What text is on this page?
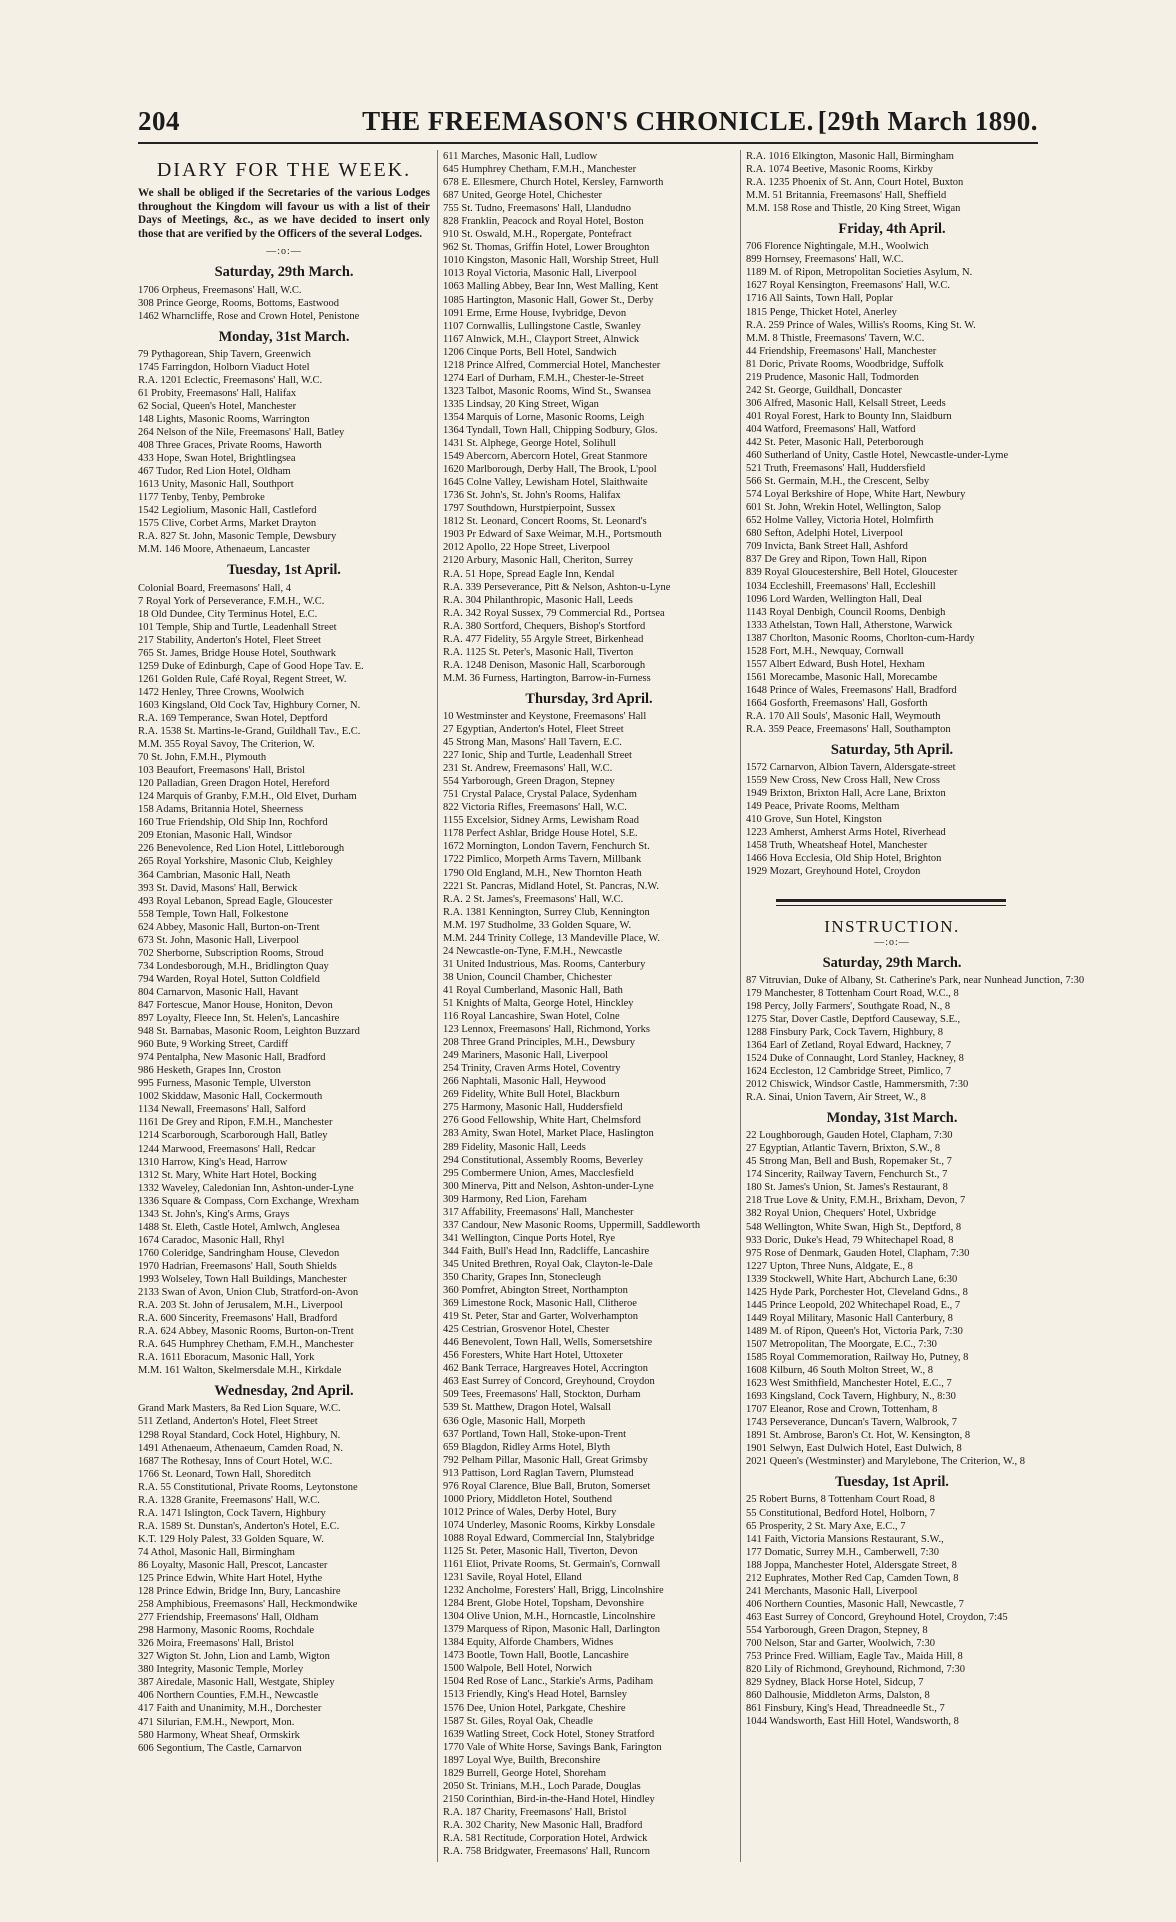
204	THE FREEMASON'S CHRONICLE. [29th March 1890.
DIARY FOR THE WEEK.
We shall be obliged if the Secretaries of the various Lodges throughout the Kingdom will favour us with a list of their Days of Meetings, &c., as we have decided to insert only those that are verified by the Officers of the several Lodges.
—:o:—
Saturday, 29th March.
1706 Orpheus, Freemasons' Hall, W.C.
308 Prince George, Rooms, Bottoms, Eastwood
1462 Wharncliffe, Rose and Crown Hotel, Penistone
Monday, 31st March.
79 Pythagorean, Ship Tavern, Greenwich
1745 Farringdon, Holborn Viaduct Hotel
R.A. 1201 Eclectic, Freemasons' Hall, W.C.
61 Probity, Freemasons' Hall, Halifax
62 Social, Queen's Hotel, Manchester
148 Lights, Masonic Rooms, Warrington
264 Nelson of the Nile, Freemasons' Hall, Batley
408 Three Graces, Private Rooms, Haworth
433 Hope, Swan Hotel, Brightlingsea
467 Tudor, Red Lion Hotel, Oldham
1613 Unity, Masonic Hall, Southport
1177 Tenby, Tenby, Pembroke
1542 Legiolium, Masonic Hall, Castleford
1575 Clive, Corbet Arms, Market Drayton
R.A. 827 St. John, Masonic Temple, Dewsbury
M.M. 146 Moore, Athenaeum, Lancaster
Tuesday, 1st April.
Colonial Board, Freemasons' Hall, 4
7 Royal York of Perseverance, F.M.H., W.C.
18 Old Dundee, City Terminus Hotel, E.C.
101 Temple, Ship and Turtle, Leadenhall Street
217 Stability, Anderton's Hotel, Fleet Street
765 St. James, Bridge House Hotel, Southwark
1259 Duke of Edinburgh, Cape of Good Hope Tav. E.
1261 Golden Rule, Café Royal, Regent Street, W.
1472 Henley, Three Crowns, Woolwich
1603 Kingsland, Old Cock Tav, Highbury Corner, N.
R.A. 169 Temperance, Swan Hotel, Deptford
R.A. 1538 St. Martins-le-Grand, Guildhall Tav., E.C.
M.M. 355 Royal Savoy, The Criterion, W.
70 St. John, F.M.H., Plymouth
103 Beaufort, Freemasons' Hall, Bristol
120 Palladian, Green Dragon Hotel, Hereford
124 Marquis of Granby, F.M.H., Old Elvet, Durham
158 Adams, Britannia Hotel, Sheerness
160 True Friendship, Old Ship Inn, Rochford
209 Etonian, Masonic Hall, Windsor
226 Benevolence, Red Lion Hotel, Littleborough
265 Royal Yorkshire, Masonic Club, Keighley
364 Cambrian, Masonic Hall, Neath
393 St. David, Masons' Hall, Berwick
493 Royal Lebanon, Spread Eagle, Gloucester
558 Temple, Town Hall, Folkestone
624 Abbey, Masonic Hall, Burton-on-Trent
673 St. John, Masonic Hall, Liverpool
702 Sherborne, Subscription Rooms, Stroud
734 Londesborough, M.H., Bridlington Quay
794 Warden, Royal Hotel, Sutton Coldfield
804 Carnarvon, Masonic Hall, Havant
847 Fortescue, Manor House, Honiton, Devon
897 Loyalty, Fleece Inn, St. Helen's, Lancashire
948 St. Barnabas, Masonic Room, Leighton Buzzard
960 Bute, 9 Working Street, Cardiff
974 Pentalpha, New Masonic Hall, Bradford
986 Hesketh, Grapes Inn, Croston
995 Furness, Masonic Temple, Ulverston
1002 Skiddaw, Masonic Hall, Cockermouth
1134 Newall, Freemasons' Hall, Salford
1161 De Grey and Ripon, F.M.H., Manchester
1214 Scarborough, Scarborough Hall, Batley
1244 Marwood, Freemasons' Hall, Redcar
1310 Harrow, King's Head, Harrow
1312 St. Mary, White Hart Hotel, Bocking
1332 Waveley, Caledonian Inn, Ashton-under-Lyne
1336 Square & Compass, Corn Exchange, Wrexham
1343 St. John's, King's Arms, Grays
1488 St. Eleth, Castle Hotel, Amlwch, Anglesea
1674 Caradoc, Masonic Hall, Rhyl
1760 Coleridge, Sandringham House, Clevedon
1970 Hadrian, Freemasons' Hall, South Shields
1993 Wolseley, Town Hall Buildings, Manchester
2133 Swan of Avon, Union Club, Stratford-on-Avon
R.A. 203 St. John of Jerusalem, M.H., Liverpool
R.A. 600 Sincerity, Freemasons' Hall, Bradford
R.A. 624 Abbey, Masonic Rooms, Burton-on-Trent
R.A. 645 Humphrey Chetham, F.M.H., Manchester
R.A. 1611 Eboracum, Masonic Hall, York
M.M. 161 Walton, Skelmersdale M.H., Kirkdale
Wednesday, 2nd April.
Grand Mark Masters, 8a Red Lion Square, W.C.
511 Zetland, Anderton's Hotel, Fleet Street
1298 Royal Standard, Cock Hotel, Highbury, N.
1491 Athenaeum, Athenaeum, Camden Road, N.
1687 The Rothesay, Inns of Court Hotel, W.C.
1766 St. Leonard, Town Hall, Shoreditch
R.A. 55 Constitutional, Private Rooms, Leytonstone
R.A. 1328 Granite, Freemasons' Hall, W.C.
R.A. 1471 Islington, Cock Tavern, Highbury
R.A. 1589 St. Dunstan's, Anderton's Hotel, E.C.
K.T. 129 Holy Palest, 33 Golden Square, W.
74 Athol, Masonic Hall, Birmingham
86 Loyalty, Masonic Hall, Prescot, Lancaster
125 Prince Edwin, White Hart Hotel, Hythe
128 Prince Edwin, Bridge Inn, Bury, Lancashire
258 Amphibious, Freemasons' Hall, Heckmondwike
277 Friendship, Freemasons' Hall, Oldham
298 Harmony, Masonic Rooms, Rochdale
326 Moira, Freemasons' Hall, Bristol
327 Wigton St. John, Lion and Lamb, Wigton
380 Integrity, Masonic Temple, Morley
387 Airedale, Masonic Hall, Westgate, Shipley
406 Northern Counties, F.M.H., Newcastle
417 Faith and Unanimity, M.H., Dorchester
471 Silurian, F.M.H., Newport, Mon.
580 Harmony, Wheat Sheaf, Ormskirk
606 Segontium, The Castle, Carnarvon
611 Marches, Masonic Hall, Ludlow
645 Humphrey Chetham, F.M.H., Manchester
678 E. Ellesmere, Church Hotel, Kersley, Farnworth
687 United, George Hotel, Chichester
755 St. Tudno, Freemasons' Hall, Llandudno
828 Franklin, Peacock and Royal Hotel, Boston
910 St. Oswald, M.H., Ropergate, Pontefract
962 St. Thomas, Griffin Hotel, Lower Broughton
1010 Kingston, Masonic Hall, Worship Street, Hull
1013 Royal Victoria, Masonic Hall, Liverpool
1063 Malling Abbey, Bear Inn, West Malling, Kent
1085 Hartington, Masonic Hall, Gower St., Derby
1091 Erme, Erme House, Ivybridge, Devon
1107 Cornwallis, Lullingstone Castle, Swanley
1167 Alnwick, M.H., Clayport Street, Alnwick
1206 Cinque Ports, Bell Hotel, Sandwich
1218 Prince Alfred, Commercial Hotel, Manchester
1274 Earl of Durham, F.M.H., Chester-le-Street
1323 Talbot, Masonic Rooms, Wind St., Swansea
1335 Lindsay, 20 King Street, Wigan
1354 Marquis of Lorne, Masonic Rooms, Leigh
1364 Tyndall, Town Hall, Chipping Sodbury, Glos.
1431 St. Alphege, George Hotel, Solihull
1549 Abercorn, Abercorn Hotel, Great Stanmore
1620 Marlborough, Derby Hall, The Brook, L'pool
1645 Colne Valley, Lewisham Hotel, Slaithwaite
1736 St. John's, St. John's Rooms, Halifax
1797 Southdown, Hurstpierpoint, Sussex
1812 St. Leonard, Concert Rooms, St. Leonard's
1903 Pr Edward of Saxe Weimar, M.H., Portsmouth
2012 Apollo, 22 Hope Street, Liverpool
2120 Arbury, Masonic Hall, Cheriton, Surrey
R.A. 51 Hope, Spread Eagle Inn, Kendal
R.A. 339 Perseverance, Pitt & Nelson, Ashton-u-Lyne
R.A. 304 Philanthropic, Masonic Hall, Leeds
R.A. 342 Royal Sussex, 79 Commercial Rd., Portsea
R.A. 380 Sortford, Chequers, Bishop's Stortford
R.A. 477 Fidelity, 55 Argyle Street, Birkenhead
R.A. 1125 St. Peter's, Masonic Hall, Tiverton
R.A. 1248 Denison, Masonic Hall, Scarborough
M.M. 36 Furness, Hartington, Barrow-in-Furness
Thursday, 3rd April.
10 Westminster and Keystone, Freemasons' Hall
27 Egyptian, Anderton's Hotel, Fleet Street
45 Strong Man, Masons' Hall Tavern, E.C.
227 Ionic, Ship and Turtle, Leadenhall Street
231 St. Andrew, Freemasons' Hall, W.C.
554 Yarborough, Green Dragon, Stepney
751 Crystal Palace, Crystal Palace, Sydenham
822 Victoria Rifles, Freemasons' Hall, W.C.
1155 Excelsior, Sidney Arms, Lewisham Road
1178 Perfect Ashlar, Bridge House Hotel, S.E.
1672 Mornington, London Tavern, Fenchurch St.
1722 Pimlico, Morpeth Arms Tavern, Millbank
1790 Old England, M.H., New Thornton Heath
2221 St. Pancras, Midland Hotel, St. Pancras, N.W.
R.A. 2 St. James's, Freemasons' Hall, W.C.
R.A. 1381 Kennington, Surrey Club, Kennington
M.M. 197 Studholme, 33 Golden Square, W.
M.M. 244 Trinity College, 13 Mandeville Place, W.
24 Newcastle-on-Tyne, F.M.H., Newcastle
31 United Industrious, Mas. Rooms, Canterbury
38 Union, Council Chamber, Chichester
41 Royal Cumberland, Masonic Hall, Bath
51 Knights of Malta, George Hotel, Hinckley
116 Royal Lancashire, Swan Hotel, Colne
123 Lennox, Freemasons' Hall, Richmond, Yorks
208 Three Grand Principles, M.H., Dewsbury
249 Mariners, Masonic Hall, Liverpool
254 Trinity, Craven Arms Hotel, Coventry
266 Naphtali, Masonic Hall, Heywood
269 Fidelity, White Bull Hotel, Blackburn
275 Harmony, Masonic Hall, Huddersfield
276 Good Fellowship, White Hart, Chelmsford
283 Amity, Swan Hotel, Market Place, Haslington
289 Fidelity, Masonic Hall, Leeds
294 Constitutional, Assembly Rooms, Beverley
295 Combermere Union, Ames, Macclesfield
300 Minerva, Pitt and Nelson, Ashton-under-Lyne
309 Harmony, Red Lion, Fareham
317 Affability, Freemasons' Hall, Manchester
337 Candour, New Masonic Rooms, Uppermill, Saddleworth
341 Wellington, Cinque Ports Hotel, Rye
344 Faith, Bull's Head Inn, Radcliffe, Lancashire
345 United Brethren, Royal Oak, Clayton-le-Dale
350 Charity, Grapes Inn, Stonecleugh
360 Pomfret, Abington Street, Northampton
369 Limestone Rock, Masonic Hall, Clitheroe
419 St. Peter, Star and Garter, Wolverhampton
425 Cestrian, Grosvenor Hotel, Chester
446 Benevolent, Town Hall, Wells, Somersetshire
456 Foresters, White Hart Hotel, Uttoxeter
462 Bank Terrace, Hargreaves Hotel, Accrington
463 East Surrey of Concord, Greyhound, Croydon
509 Tees, Freemasons' Hall, Stockton, Durham
539 St. Matthew, Dragon Hotel, Walsall
636 Ogle, Masonic Hall, Morpeth
637 Portland, Town Hall, Stoke-upon-Trent
659 Blagdon, Ridley Arms Hotel, Blyth
792 Pelham Pillar, Masonic Hall, Great Grimsby
913 Pattison, Lord Raglan Tavern, Plumstead
976 Royal Clarence, Blue Ball, Bruton, Somerset
1000 Priory, Middleton Hotel, Southend
1012 Prince of Wales, Derby Hotel, Bury
1074 Underley, Masonic Rooms, Kirkby Lonsdale
1088 Royal Edward, Commercial Inn, Stalybridge
1125 St. Peter, Masonic Hall, Tiverton, Devon
1161 Eliot, Private Rooms, St. Germain's, Cornwall
1231 Savile, Royal Hotel, Elland
1232 Ancholme, Foresters' Hall, Brigg, Lincolnshire
1284 Brent, Globe Hotel, Topsham, Devonshire
1304 Olive Union, M.H., Horncastle, Lincolnshire
1379 Marquess of Ripon, Masonic Hall, Darlington
1384 Equity, Alforde Chambers, Widnes
1473 Bootle, Town Hall, Bootle, Lancashire
1500 Walpole, Bell Hotel, Norwich
1504 Red Rose of Lanc., Starkie's Arms, Padiham
1513 Friendly, King's Head Hotel, Barnsley
1576 Dee, Union Hotel, Parkgate, Cheshire
1587 St. Giles, Royal Oak, Cheadle
1639 Watling Street, Cock Hotel, Stoney Stratford
1770 Vale of White Horse, Savings Bank, Farington
1897 Loyal Wye, Builth, Breconshire
1829 Burrell, George Hotel, Shoreham
2050 St. Trinians, M.H., Loch Parade, Douglas
2150 Corinthian, Bird-in-the-Hand Hotel, Hindley
R.A. 187 Charity, Freemasons' Hall, Bristol
R.A. 302 Charity, New Masonic Hall, Bradford
R.A. 581 Rectitude, Corporation Hotel, Ardwick
R.A. 758 Bridgwater, Freemasons' Hall, Runcorn
R.A. 1016 Elkington, Masonic Hall, Birmingham
R.A. 1074 Beetive, Masonic Rooms, Kirkby
R.A. 1235 Phoenix of St. Ann, Court Hotel, Buxton
M.M. 51 Britannia, Freemasons' Hall, Sheffield
M.M. 158 Rose and Thistle, 20 King Street, Wigan
Friday, 4th April.
706 Florence Nightingale, M.H., Woolwich
899 Hornsey, Freemasons' Hall, W.C.
1189 M. of Ripon, Metropolitan Societies Asylum, N.
1627 Royal Kensington, Freemasons' Hall, W.C.
1716 All Saints, Town Hall, Poplar
1815 Penge, Thicket Hotel, Anerley
R.A. 259 Prince of Wales, Willis's Rooms, King St. W.
M.M. 8 Thistle, Freemasons' Tavern, W.C.
44 Friendship, Freemasons' Hall, Manchester
81 Doric, Private Rooms, Woodbridge, Suffolk
219 Prudence, Masonic Hall, Todmorden
242 St. George, Guildhall, Doncaster
306 Alfred, Masonic Hall, Kelsall Street, Leeds
401 Royal Forest, Hark to Bounty Inn, Slaidburn
404 Watford, Freemasons' Hall, Watford
442 St. Peter, Masonic Hall, Peterborough
460 Sutherland of Unity, Castle Hotel, Newcastle-under-Lyme
521 Truth, Freemasons' Hall, Huddersfield
566 St. Germain, M.H., the Crescent, Selby
574 Loyal Berkshire of Hope, White Hart, Newbury
601 St. John, Wrekin Hotel, Wellington, Salop
652 Holme Valley, Victoria Hotel, Holmfirth
680 Sefton, Adelphi Hotel, Liverpool
709 Invicta, Bank Street Hall, Ashford
837 De Grey and Ripon, Town Hall, Ripon
839 Royal Gloucestershire, Bell Hotel, Gloucester
1034 Eccleshill, Freemasons' Hall, Eccleshill
1096 Lord Warden, Wellington Hall, Deal
1143 Royal Denbigh, Council Rooms, Denbigh
1333 Athelstan, Town Hall, Atherstone, Warwick
1387 Chorlton, Masonic Rooms, Chorlton-cum-Hardy
1528 Fort, M.H., Newquay, Cornwall
1557 Albert Edward, Bush Hotel, Hexham
1561 Morecambe, Masonic Hall, Morecambe
1648 Prince of Wales, Freemasons' Hall, Bradford
1664 Gosforth, Freemasons' Hall, Gosforth
R.A. 170 All Souls', Masonic Hall, Weymouth
R.A. 359 Peace, Freemasons' Hall, Southampton
Saturday, 5th April.
1572 Carnarvon, Albion Tavern, Aldersgate-street
1559 New Cross, New Cross Hall, New Cross
1949 Brixton, Brixton Hall, Acre Lane, Brixton
149 Peace, Private Rooms, Meltham
410 Grove, Sun Hotel, Kingston
1223 Amherst, Amherst Arms Hotel, Riverhead
1458 Truth, Wheatsheaf Hotel, Manchester
1466 Hova Ecclesia, Old Ship Hotel, Brighton
1929 Mozart, Greyhound Hotel, Croydon
INSTRUCTION.
—:o:—
Saturday, 29th March.
87 Vitruvian, Duke of Albany, St. Catherine's Park, near Nunhead Junction, 7:30
179 Manchester, 8 Tottenham Court Road, W.C., 8
198 Percy, Jolly Farmers', Southgate Road, N., 8
1275 Star, Dover Castle, Deptford Causeway, S.E.,
1288 Finsbury Park, Cock Tavern, Highbury, 8
1364 Earl of Zetland, Royal Edward, Hackney, 7
1524 Duke of Connaught, Lord Stanley, Hackney, 8
1624 Eccleston, 12 Cambridge Street, Pimlico, 7
2012 Chiswick, Windsor Castle, Hammersmith, 7:30
R.A. Sinai, Union Tavern, Air Street, W., 8
Monday, 31st March.
22 Loughborough, Gauden Hotel, Clapham, 7:30
27 Egyptian, Atlantic Tavern, Brixton, S.W., 8
45 Strong Man, Bell and Bush, Ropemaker St., 7
174 Sincerity, Railway Tavern, Fenchurch St., 7
180 St. James's Union, St. James's Restaurant, 8
218 True Love & Unity, F.M.H., Brixham, Devon, 7
382 Royal Union, Chequers' Hotel, Uxbridge
548 Wellington, White Swan, High St., Deptford, 8
933 Doric, Duke's Head, 79 Whitechapel Road, 8
975 Rose of Denmark, Gauden Hotel, Clapham, 7:30
1227 Upton, Three Nuns, Aldgate, E., 8
1339 Stockwell, White Hart, Abchurch Lane, 6:30
1425 Hyde Park, Porchester Hot, Cleveland Gdns., 8
1445 Prince Leopold, 202 Whitechapel Road, E., 7
1449 Royal Military, Masonic Hall Canterbury, 8
1489 M. of Ripon, Queen's Hot, Victoria Park, 7:30
1507 Metropolitan, The Moorgate, E.C., 7:30
1585 Royal Commemoration, Railway Ho, Putney, 8
1608 Kilburn, 46 South Molton Street, W., 8
1623 West Smithfield, Manchester Hotel, E.C., 7
1693 Kingsland, Cock Tavern, Highbury, N., 8:30
1707 Eleanor, Rose and Crown, Tottenham, 8
1743 Perseverance, Duncan's Tavern, Walbrook, 7
1891 St. Ambrose, Baron's Ct. Hot, W. Kensington, 8
1901 Selwyn, East Dulwich Hotel, East Dulwich, 8
2021 Queen's (Westminster) and Marylebone, The Criterion, W., 8
Tuesday, 1st April.
25 Robert Burns, 8 Tottenham Court Road, 8
55 Constitutional, Bedford Hotel, Holborn, 7
65 Prosperity, 2 St. Mary Axe, E.C., 7
141 Faith, Victoria Mansions Restaurant, S.W.,
177 Domatic, Surrey M.H., Camberwell, 7:30
188 Joppa, Manchester Hotel, Aldersgate Street, 8
212 Euphrates, Mother Red Cap, Camden Town, 8
241 Merchants, Masonic Hall, Liverpool
406 Northern Counties, Masonic Hall, Newcastle, 7
463 East Surrey of Concord, Greyhound Hotel, Croydon, 7:45
554 Yarborough, Green Dragon, Stepney, 8
700 Nelson, Star and Garter, Woolwich, 7:30
753 Prince Fred. William, Eagle Tav., Maida Hill, 8
820 Lily of Richmond, Greyhound, Richmond, 7:30
829 Sydney, Black Horse Hotel, Sidcup, 7
860 Dalhousie, Middleton Arms, Dalston, 8
861 Finsbury, King's Head, Threadneedle St., 7
1044 Wandsworth, East Hill Hotel, Wandsworth, 8
